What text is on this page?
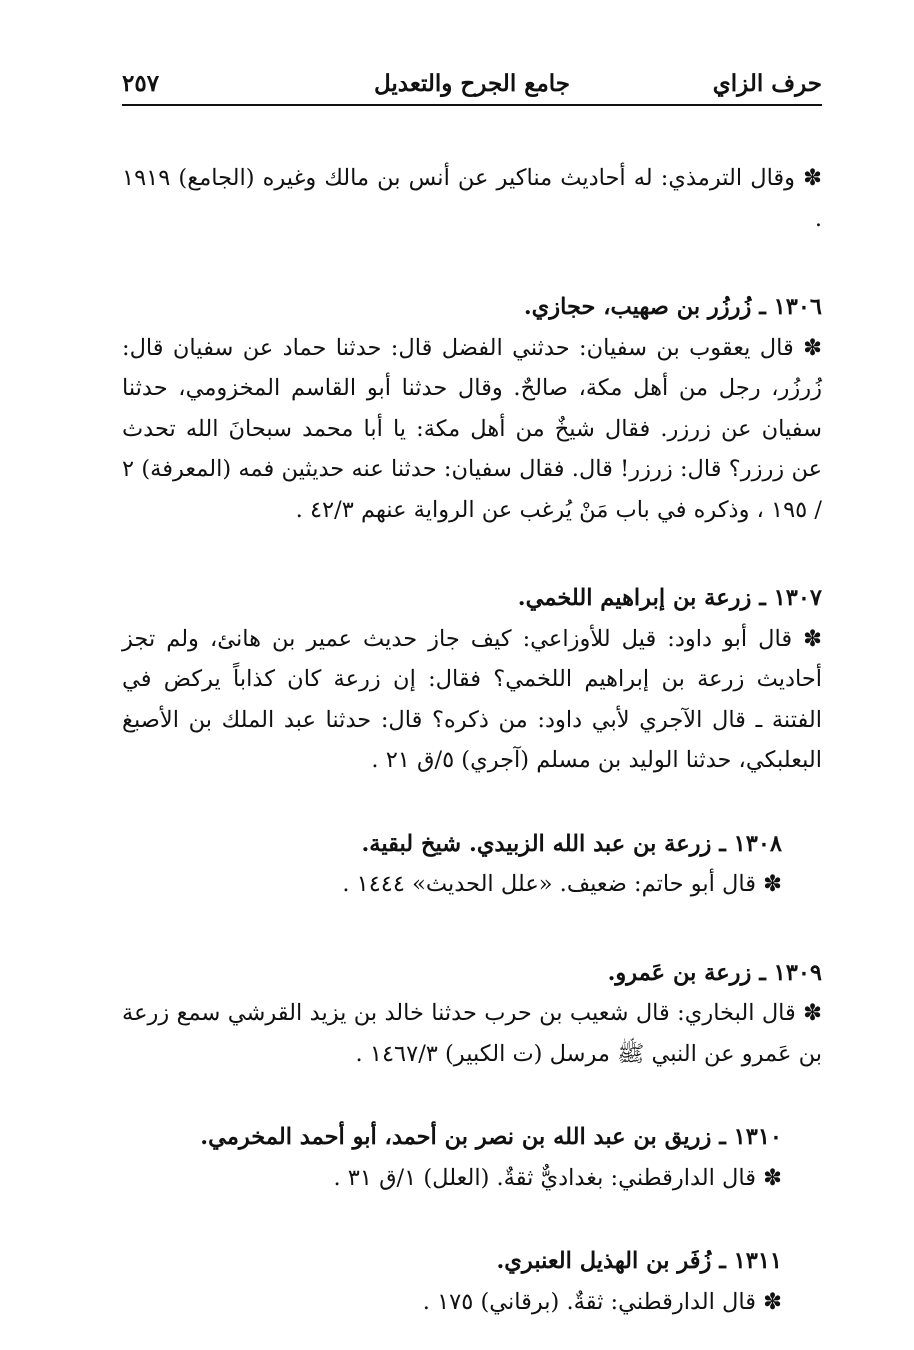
حرف الزاي
جامع الجرح والتعديل
٢٥٧

✽ وقال الترمذي: له أحاديث مناكير عن أنس بن مالك وغيره (الجامع) ١٩١٩ .

١٣٠٦ ـ زُرزُر بن صهيب، حجازي.

✽ قال يعقوب بن سفيان: حدثني الفضل قال: حدثنا حماد عن سفيان قال: زُرزُر، رجل من أهل مكة، صالحٌ. وقال حدثنا أبو القاسم المخزومي، حدثنا سفيان عن زرزر. فقال شيخٌ من أهل مكة: يا أبا محمد سبحانَ الله تحدث عن زرزر؟ قال: زرزر! قال. فقال سفيان: حدثنا عنه حديثين فمه (المعرفة) ٢ / ١٩٥ ، وذكره في باب مَنْ يُرغب عن الرواية عنهم ٤٢/٣ .

١٣٠٧ ـ زرعة بن إبراهيم اللخمي.

✽ قال أبو داود: قيل للأوزاعي: كيف جاز حديث عمير بن هانئ، ولم تجز أحاديث زرعة بن إبراهيم اللخمي؟ فقال: إن زرعة كان كذاباً يركض في الفتنة ـ قال الآجري لأبي داود: من ذكره؟ قال: حدثنا عبد الملك بن الأصبغ البعلبكي، حدثنا الوليد بن مسلم (آجري) ٥/ق ٢١ .

١٣٠٨ ـ زرعة بن عبد الله الزبيدي. شيخ لبقية.

✽ قال أبو حاتم: ضعيف. «علل الحديث» ١٤٤٤ .

١٣٠٩ ـ زرعة بن عَمرو.

✽ قال البخاري: قال شعيب بن حرب حدثنا خالد بن يزيد القرشي سمع زرعة بن عَمرو عن النبي ﷺ مرسل (ت الكبير) ١٤٦٧/٣ .

١٣١٠ ـ زريق بن عبد الله بن نصر بن أحمد، أبو أحمد المخرمي.

✽ قال الدارقطني: بغداديٌّ ثقةٌ. (العلل) ١/ق ٣١ .

١٣١١ ـ زُفَر بن الهذيل العنبري.

✽ قال الدارقطني: ثقةٌ. (برقاني) ١٧٥ .
